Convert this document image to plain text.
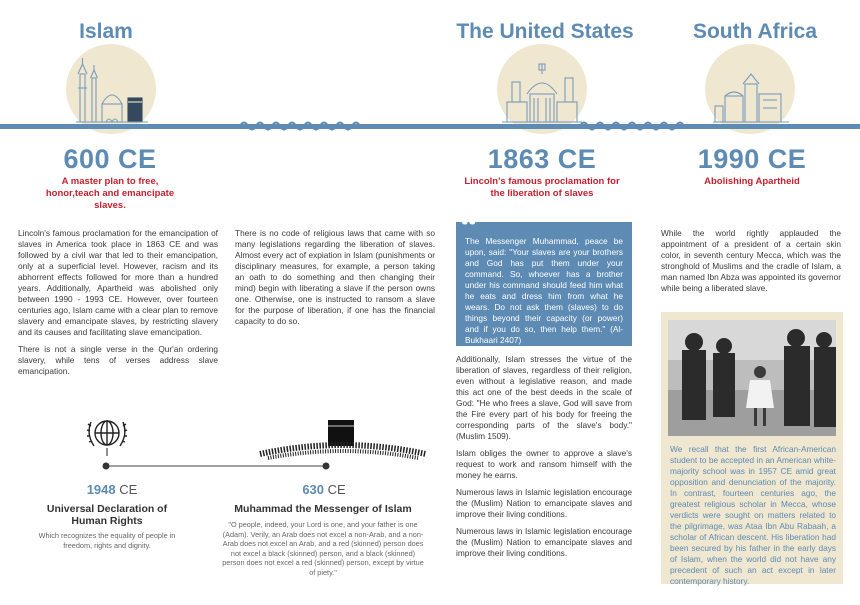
Islam	The United States	South Africa
600 CE
A master plan to free, honor,teach and emancipate slaves.
1863 CE
Lincoln's famous proclamation for the liberation of slaves
1990 CE
Abolishing Apartheid

Lincoln's famous proclamation for the emancipation of slaves in America took place in 1863 CE and was followed by a civil war that led to their emancipation, only at a superficial level. However, racism and its abhorrent effects followed for more than a hundred years. Additionally, Apartheid was abolished only between 1990 - 1993 CE. However, over fourteen centuries ago, Islam came with a clear plan to remove slavery and emancipate slaves, by restricting slavery and its causes and facilitating slave emancipation.

There is not a single verse in the Qur'an ordering slavery, while tens of verses address slave emancipation.

There is no code of religious laws that came with so many legislations regarding the liberation of slaves. Almost every act of expiation in Islam (punishments or disciplinary measures, for example, a person taking an oath to do something and then changing their mind) begin with liberating a slave if the person owns one. Otherwise, one is instructed to ransom a slave for the purpose of liberation, if one has the financial capacity to do so.

The Messenger Muhammad, peace be upon, said: "Your slaves are your brothers and God has put them under your command. So, whoever has a brother under his command should feed him what he eats and dress him from what he wears. Do not ask them (slaves) to do things beyond their capacity (or power) and if you do so, then help them." (Al-Bukhaari 2407)
“

Additionally, Islam stresses the virtue of the liberation of slaves, regardless of their religion, even without a legislative reason, and made this act one of the best deeds in the scale of God: "He who frees a slave, God will save from the Fire every part of his body for freeing the corresponding parts of the slave's body." (Muslim 1509).

Islam obliges the owner to approve a slave's request to work and ransom himself with the money he earns.

Numerous laws in Islamic legislation encourage the (Muslim) Nation to emancipate slaves and improve their living conditions.

Numerous laws in Islamic legislation encourage the (Muslim) Nation to emancipate slaves and improve their living conditions.

While the world rightly applauded the appointment of a president of a certain skin color, in seventh century Mecca, which was the stronghold of Muslims and the cradle of Islam, a man named Ibn Abza was appointed its governor while being a liberated slave.

We recall that the first African-American student to be accepted in an American white-majority school was in 1957 CE amid great opposition and denunciation of the majority. In contrast, fourteen centuries ago, the greatest religious scholar in Mecca, whose verdicts were sought on matters related to the pilgrimage, was Ataa Ibn Abu Rabaah, a scholar of African descent. His liberation had been secured by his father in the early days of Islam, when the world did not have any precedent of such an act except in later contemporary history.
1948 CE
Universal Declaration of Human Rights
Which recognizes the equality of people in freedom, rights and dignity.
630 CE
Muhammad the Messenger of Islam
"O people, indeed, your Lord is one, and your father is one (Adam). Verily, an Arab does not excel a non-Arab, and a non-Arab does not excel an Arab, and a red (skinned) person does not excel a black (skinned) person, and a black (skinned) person does not excel a red (skinned) person, except by virtue of piety."
